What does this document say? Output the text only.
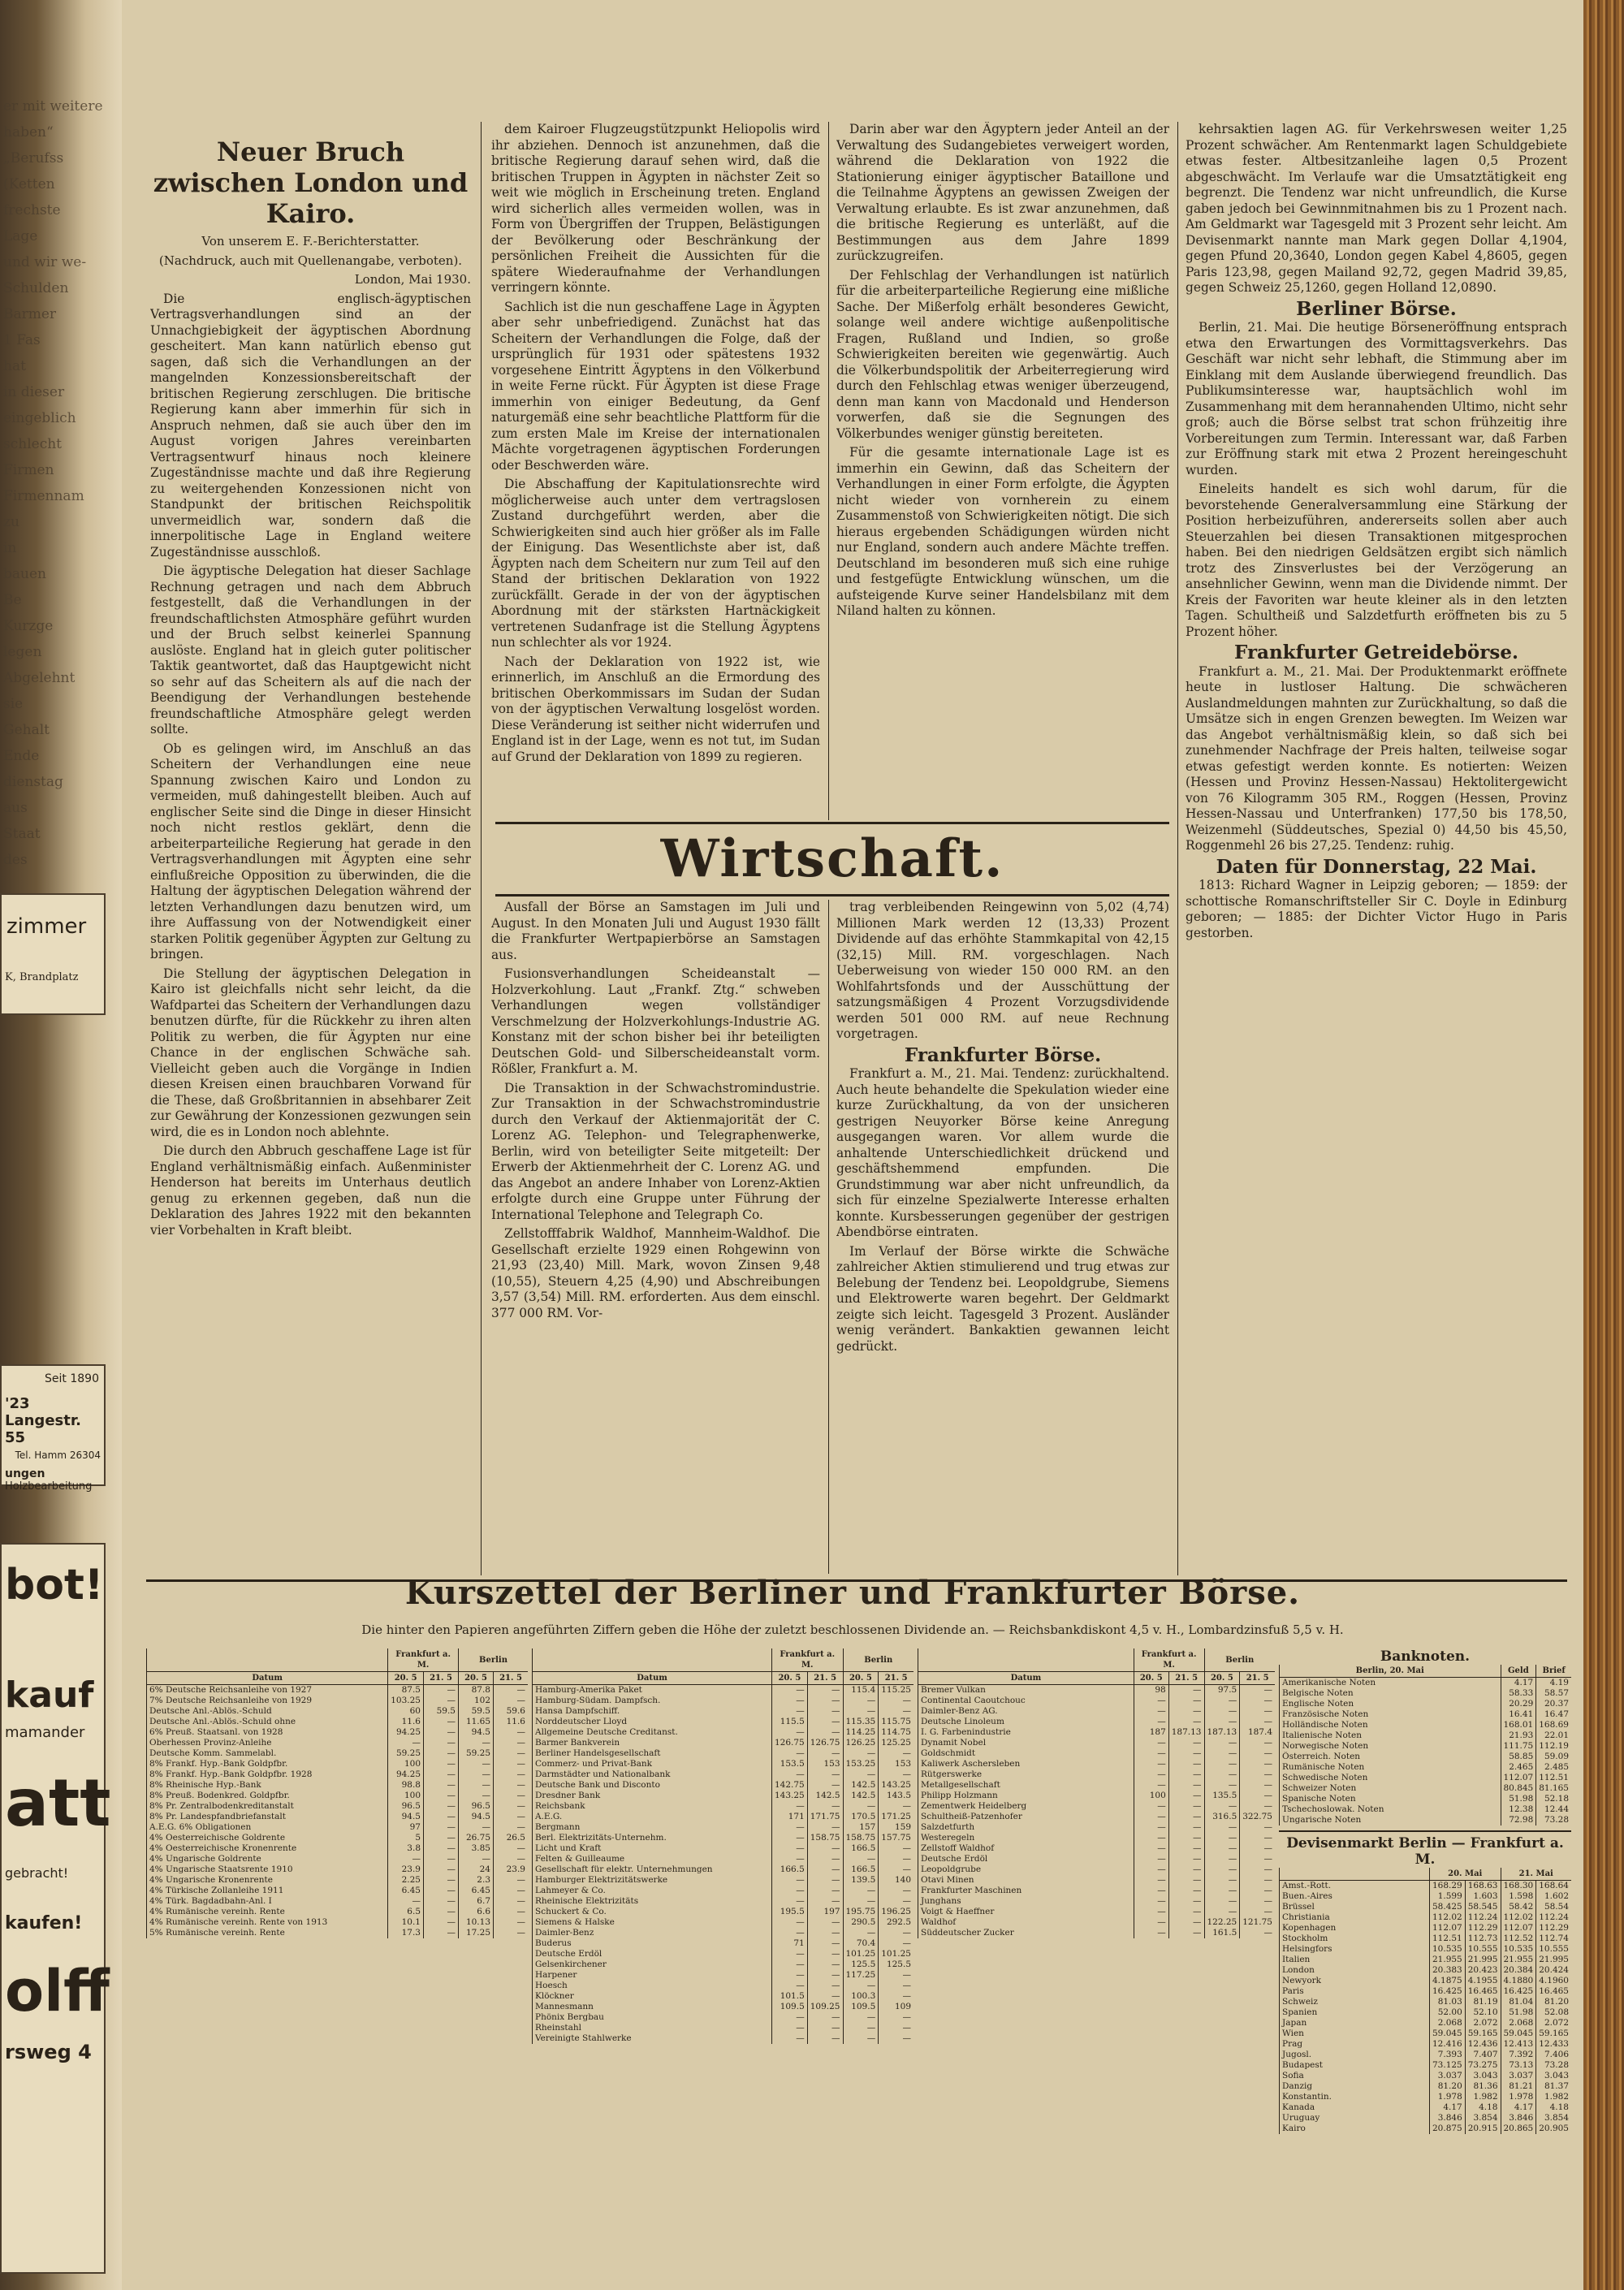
er mit weitere
haben“
„Berufss
(Ketten
frechste
Lage
und wir we-
Schulden
Barmer
1 Fas
hat
in dieser
eingeblich
schlecht
Firmen
Firmennam
zu
in
bauen
Be
Kurzge
legen
Abgelehnt
sie
Gehalt
Ende
dienstag
aus
Staat
des
zimmer
K, Brandplatz
Seit 1890
'23 Langestr. 55
Tel. Hamm 26304
ungen
Holzbearbeitung
bot!
kauf
mamander
att
gebracht!
kaufen!
olff
rsweg 4
Neuer Bruch zwischen London und Kairo.
Von unserem E. F.-Berichterstatter.
(Nachdruck, auch mit Quellenangabe, verboten).
London, Mai 1930.

Die englisch-ägyptischen Vertragsverhandlungen sind an der Unnachgiebigkeit der ägyptischen Abordnung gescheitert. Man kann natürlich ebenso gut sagen, daß sich die Verhandlungen an der mangelnden Konzessionsbereitschaft der britischen Regierung zerschlugen. Die britische Regierung kann aber immerhin für sich in Anspruch nehmen, daß sie auch über den im August vorigen Jahres vereinbarten Vertragsentwurf hinaus noch kleinere Zugeständnisse machte und daß ihre Regierung zu weitergehenden Konzessionen nicht von Standpunkt der britischen Reichspolitik unvermeidlich war, sondern daß die innerpolitische Lage in England weitere Zugeständnisse ausschloß.

Die ägyptische Delegation hat dieser Sachlage Rechnung getragen und nach dem Abbruch festgestellt, daß die Verhandlungen in der freundschaftlichsten Atmosphäre geführt wurden und der Bruch selbst keinerlei Spannung auslöste. England hat in gleich guter politischer Taktik geantwortet, daß das Hauptgewicht nicht so sehr auf das Scheitern als auf die nach der Beendigung der Verhandlungen bestehende freundschaftliche Atmosphäre gelegt werden sollte.

Ob es gelingen wird, im Anschluß an das Scheitern der Verhandlungen eine neue Spannung zwischen Kairo und London zu vermeiden, muß dahingestellt bleiben. Auch auf englischer Seite sind die Dinge in dieser Hinsicht noch nicht restlos geklärt, denn die arbeiterparteiliche Regierung hat gerade in den Vertragsverhandlungen mit Ägypten eine sehr einflußreiche Opposition zu überwinden, die die Haltung der ägyptischen Delegation während der letzten Verhandlungen dazu benutzen wird, um ihre Auffassung von der Notwendigkeit einer starken Politik gegenüber Ägypten zur Geltung zu bringen.

Die Stellung der ägyptischen Delegation in Kairo ist gleichfalls nicht sehr leicht, da die Wafdpartei das Scheitern der Verhandlungen dazu benutzen dürfte, für die Rückkehr zu ihren alten Politik zu werben, die für Ägypten nur eine Chance in der englischen Schwäche sah. Vielleicht geben auch die Vorgänge in Indien diesen Kreisen einen brauchbaren Vorwand für die These, daß Großbritannien in absehbarer Zeit zur Gewährung der Konzessionen gezwungen sein wird, die es in London noch ablehnte.

Die durch den Abbruch geschaffene Lage ist für England verhältnismäßig einfach. Außenminister Henderson hat bereits im Unterhaus deutlich genug zu erkennen gegeben, daß nun die Deklaration des Jahres 1922 mit den bekannten vier Vorbehalten in Kraft bleibt.

dem Kairoer Flugzeugstützpunkt Heliopolis wird ihr abziehen. Dennoch ist anzunehmen, daß die britische Regierung darauf sehen wird, daß die britischen Truppen in Ägypten in nächster Zeit so weit wie möglich in Erscheinung treten. England wird sicherlich alles vermeiden wollen, was in Form von Übergriffen der Truppen, Belästigungen der Bevölkerung oder Beschränkung der persönlichen Freiheit die Aussichten für die spätere Wiederaufnahme der Verhandlungen verringern könnte.

Sachlich ist die nun geschaffene Lage in Ägypten aber sehr unbefriedigend. Zunächst hat das Scheitern der Verhandlungen die Folge, daß der ursprünglich für 1931 oder spätestens 1932 vorgesehene Eintritt Ägyptens in den Völkerbund in weite Ferne rückt. Für Ägypten ist diese Frage immerhin von einiger Bedeutung, da Genf naturgemäß eine sehr beachtliche Plattform für die zum ersten Male im Kreise der internationalen Mächte vorgetragenen ägyptischen Forderungen oder Beschwerden wäre.

Die Abschaffung der Kapitulationsrechte wird möglicherweise auch unter dem vertragslosen Zustand durchgeführt werden, aber die Schwierigkeiten sind auch hier größer als im Falle der Einigung. Das Wesentlichste aber ist, daß Ägypten nach dem Scheitern nur zum Teil auf den Stand der britischen Deklaration von 1922 zurückfällt. Gerade in der von der ägyptischen Abordnung mit der stärksten Hartnäckigkeit vertretenen Sudanfrage ist die Stellung Ägyptens nun schlechter als vor 1924.

Nach der Deklaration von 1922 ist, wie erinnerlich, im Anschluß an die Ermordung des britischen Oberkommissars im Sudan der Sudan von der ägyptischen Verwaltung losgelöst worden. Diese Veränderung ist seither nicht widerrufen und England ist in der Lage, wenn es not tut, im Sudan auf Grund der Deklaration von 1899 zu regieren.

Darin aber war den Ägyptern jeder Anteil an der Verwaltung des Sudangebietes verweigert worden, während die Deklaration von 1922 die Stationierung einiger ägyptischer Bataillone und die Teilnahme Ägyptens an gewissen Zweigen der Verwaltung erlaubte. Es ist zwar anzunehmen, daß die britische Regierung es unterläßt, auf die Bestimmungen aus dem Jahre 1899 zurückzugreifen.

Der Fehlschlag der Verhandlungen ist natürlich für die arbeiterparteiliche Regierung eine mißliche Sache. Der Mißerfolg erhält besonderes Gewicht, solange weil andere wichtige außenpolitische Fragen, Rußland und Indien, so große Schwierigkeiten bereiten wie gegenwärtig. Auch die Völkerbundspolitik der Arbeiterregierung wird durch den Fehlschlag etwas weniger überzeugend, denn man kann von Macdonald und Henderson vorwerfen, daß sie die Segnungen des Völkerbundes weniger günstig bereiteten.

Für die gesamte internationale Lage ist es immerhin ein Gewinn, daß das Scheitern der Verhandlungen in einer Form erfolgte, die Ägypten nicht wieder von vornherein zu einem Zusammenstoß von Schwierigkeiten nötigt. Die sich hieraus ergebenden Schädigungen würden nicht nur England, sondern auch andere Mächte treffen. Deutschland im besonderen muß sich eine ruhige und festgefügte Entwicklung wünschen, um die aufsteigende Kurve seiner Handelsbilanz mit dem Niland halten zu können.

Wirtschaft.

Ausfall der Börse an Samstagen im Juli und August. In den Monaten Juli und August 1930 fällt die Frankfurter Wertpapierbörse an Samstagen aus.

Fusionsverhandlungen Scheideanstalt — Holzverkohlung. Laut „Frankf. Ztg.“ schweben Verhandlungen wegen vollständiger Verschmelzung der Holzverkohlungs-Industrie AG. Konstanz mit der schon bisher bei ihr beteiligten Deutschen Gold- und Silberscheideanstalt vorm. Rößler, Frankfurt a. M.

Die Transaktion in der Schwachstromindustrie. Zur Transaktion in der Schwachstromindustrie durch den Verkauf der Aktienmajorität der C. Lorenz AG. Telephon- und Telegraphenwerke, Berlin, wird von beteiligter Seite mitgeteilt: Der Erwerb der Aktienmehrheit der C. Lorenz AG. und das Angebot an andere Inhaber von Lorenz-Aktien erfolgte durch eine Gruppe unter Führung der International Telephone and Telegraph Co.

Zellstofffabrik Waldhof, Mannheim-Waldhof. Die Gesellschaft erzielte 1929 einen Rohgewinn von 21,93 (23,40) Mill. Mark, wovon Zinsen 9,48 (10,55), Steuern 4,25 (4,90) und Abschreibungen 3,57 (3,54) Mill. RM. erforderten. Aus dem einschl. 377 000 RM. Vor-

trag verbleibenden Reingewinn von 5,02 (4,74) Millionen Mark werden 12 (13,33) Prozent Dividende auf das erhöhte Stammkapital von 42,15 (32,15) Mill. RM. vorgeschlagen. Nach Ueberweisung von wieder 150 000 RM. an den Wohlfahrtsfonds und der Ausschüttung der satzungsmäßigen 4 Prozent Vorzugsdividende werden 501 000 RM. auf neue Rechnung vorgetragen.

Frankfurter Börse.

Frankfurt a. M., 21. Mai. Tendenz: zurückhaltend. Auch heute behandelte die Spekulation wieder eine kurze Zurückhaltung, da von der unsicheren gestrigen Neuyorker Börse keine Anregung ausgegangen waren. Vor allem wurde die anhaltende Unterschiedlichkeit drückend und geschäftshemmend empfunden. Die Grundstimmung war aber nicht unfreundlich, da sich für einzelne Spezialwerte Interesse erhalten konnte. Kursbesserungen gegenüber der gestrigen Abendbörse eintraten.

Im Verlauf der Börse wirkte die Schwäche zahlreicher Aktien stimulierend und trug etwas zur Belebung der Tendenz bei. Leopoldgrube, Siemens und Elektrowerte waren begehrt. Der Geldmarkt zeigte sich leicht. Tagesgeld 3 Prozent. Ausländer wenig verändert. Bankaktien gewannen leicht gedrückt.

kehrsaktien lagen AG. für Verkehrswesen weiter 1,25 Prozent schwächer. Am Rentenmarkt lagen Schuldgebiete etwas fester. Altbesitzanleihe lagen 0,5 Prozent abgeschwächt. Im Verlaufe war die Umsatztätigkeit eng begrenzt. Die Tendenz war nicht unfreundlich, die Kurse gaben jedoch bei Gewinnmitnahmen bis zu 1 Prozent nach. Am Geldmarkt war Tagesgeld mit 3 Prozent sehr leicht. Am Devisenmarkt nannte man Mark gegen Dollar 4,1904, gegen Pfund 20,3640, London gegen Kabel 4,8605, gegen Paris 123,98, gegen Mailand 92,72, gegen Madrid 39,85, gegen Schweiz 25,1260, gegen Holland 12,0890.

Berliner Börse.

Berlin, 21. Mai. Die heutige Börseneröffnung entsprach etwa den Erwartungen des Vormittagsverkehrs. Das Geschäft war nicht sehr lebhaft, die Stimmung aber im Einklang mit dem Auslande überwiegend freundlich. Das Publikumsinteresse war, hauptsächlich wohl im Zusammenhang mit dem herannahenden Ultimo, nicht sehr groß; auch die Börse selbst trat schon frühzeitig ihre Vorbereitungen zum Termin. Interessant war, daß Farben zur Eröffnung stark mit etwa 2 Prozent hereingeschuht wurden.

Eineleits handelt es sich wohl darum, für die bevorstehende Generalversammlung eine Stärkung der Position herbeizuführen, andererseits sollen aber auch Steuerzahlen bei diesen Transaktionen mitgesprochen haben. Bei den niedrigen Geldsätzen ergibt sich nämlich trotz des Zinsverlustes bei der Verzögerung an ansehnlicher Gewinn, wenn man die Dividende nimmt. Der Kreis der Favoriten war heute kleiner als in den letzten Tagen. Schultheiß und Salzdetfurth eröffneten bis zu 5 Prozent höher.

Frankfurter Getreidebörse.

Frankfurt a. M., 21. Mai. Der Produktenmarkt eröffnete heute in lustloser Haltung. Die schwächeren Auslandmeldungen mahnten zur Zurückhaltung, so daß die Umsätze sich in engen Grenzen bewegten. Im Weizen war das Angebot verhältnismäßig klein, so daß sich bei zunehmender Nachfrage der Preis halten, teilweise sogar etwas gefestigt werden konnte. Es notierten: Weizen (Hessen und Provinz Hessen-Nassau) Hektolitergewicht von 76 Kilogramm 305 RM., Roggen (Hessen, Provinz Hessen-Nassau und Unterfranken) 177,50 bis 178,50, Weizenmehl (Süddeutsches, Spezial 0) 44,50 bis 45,50, Roggenmehl 26 bis 27,25. Tendenz: ruhig.

Daten für Donnerstag, 22 Mai.

1813: Richard Wagner in Leipzig geboren; — 1859: der schottische Romanschriftsteller Sir C. Doyle in Edinburg geboren; — 1885: der Dichter Victor Hugo in Paris gestorben.

Kurszettel der Berliner und Frankfurter Börse.
Die hinter den Papieren angeführten Ziffern geben die Höhe der zuletzt beschlossenen Dividende an. — Reichsbankdiskont 4,5 v. H., Lombardzinsfuß 5,5 v. H.
	Frankfurt a. M.		Berlin	
Datum	20. 5	21. 5	20. 5	21. 5
6% Deutsche Reichsanleihe von 1927	87.5	—	87.8	—
7% Deutsche Reichsanleihe von 1929	103.25	—	102	—
Deutsche Anl.-Ablös.-Schuld	60	59.5	59.5	59.6
Deutsche Anl.-Ablös.-Schuld ohne	11.6	—	11.65	11.6
6% Preuß. Staatsanl. von 1928	94.25	—	94.5	—
Oberhessen Provinz-Anleihe	—	—	—	—
Deutsche Komm. Sammelabl.	59.25	—	59.25	—
8% Frankf. Hyp.-Bank Goldpfbr.	100	—	—	—
8% Frankf. Hyp.-Bank Goldpfbr. 1928	94.25	—	—	—
8% Rheinische Hyp.-Bank	98.8	—	—	—
8% Preuß. Bodenkred. Goldpfbr.	100	—	—	—
8% Pr. Zentralbodenkreditanstalt	96.5	—	96.5	—
8% Pr. Landespfandbriefanstalt	94.5	—	94.5	—
A.E.G. 6% Obligationen	97	—	—	—
4% Oesterreichische Goldrente	5	—	26.75	26.5
4% Oesterreichische Kronenrente	3.8	—	3.85	—
4% Ungarische Goldrente	—	—	—	—
4% Ungarische Staatsrente 1910	23.9	—	24	23.9
4% Ungarische Kronenrente	2.25	—	2.3	—
4% Türkische Zollanleihe 1911	6.45	—	6.45	—
4% Türk. Bagdadbahn-Anl. I	—	—	6.7	—
4% Rumänische vereinh. Rente	6.5	—	6.6	—
4% Rumänische vereinh. Rente von 1913	10.1	—	10.13	—
5% Rumänische vereinh. Rente	17.3	—	17.25	—
	Frankfurt a. M.		Berlin	
Datum	20. 5	21. 5	20. 5	21. 5
Hamburg-Amerika Paket	—	—	115.4	115.25
Hamburg-Südam. Dampfsch.	—	—	—	—
Hansa Dampfschiff.	—	—	—	—
Norddeutscher Lloyd	115.5	—	115.35	115.75
Allgemeine Deutsche Creditanst.	—	—	114.25	114.75
Barmer Bankverein	126.75	126.75	126.25	125.25
Berliner Handelsgesellschaft	—	—	—	—
Commerz- und Privat-Bank	153.5	153	153.25	153
Darmstädter und Nationalbank	—	—	—	—
Deutsche Bank und Disconto	142.75	—	142.5	143.25
Dresdner Bank	143.25	142.5	142.5	143.5
Reichsbank	—	—	—	—
A.E.G.	171	171.75	170.5	171.25
Bergmann	—	—	157	159
Berl. Elektrizitäts-Unternehm.	—	158.75	158.75	157.75
Licht und Kraft	—	—	166.5	—
Felten & Guilleaume	—	—	—	—
Gesellschaft für elektr. Unternehmungen	166.5	—	166.5	—
Hamburger Elektrizitätswerke	—	—	139.5	140
Lahmeyer & Co.	—	—	—	—
Rheinische Elektrizitäts	—	—	—	—
Schuckert & Co.	195.5	197	195.75	196.25
Siemens & Halske	—	—	290.5	292.5
Daimler-Benz	—	—	—	—
Buderus	71	—	70.4	—
Deutsche Erdöl	—	—	101.25	101.25
Gelsenkirchener	—	—	125.5	125.5
Harpener	—	—	117.25	—
Hoesch	—	—	—	—
Klöckner	101.5	—	100.3	—
Mannesmann	109.5	109.25	109.5	109
Phönix Bergbau	—	—	—	—
Rheinstahl	—	—	—	—
Vereinigte Stahlwerke	—	—	—	—
	Frankfurt a. M.		Berlin	
Datum	20. 5	21. 5	20. 5	21. 5
Bremer Vulkan	98	—	97.5	—
Continental Caoutchouc	—	—	—	—
Daimler-Benz AG.	—	—	—	—
Deutsche Linoleum	—	—	—	—
I. G. Farbenindustrie	187	187.13	187.13	187.4
Dynamit Nobel	—	—	—	—
Goldschmidt	—	—	—	—
Kaliwerk Aschersleben	—	—	—	—
Rütgerswerke	—	—	—	—
Metallgesellschaft	—	—	—	—
Philipp Holzmann	100	—	135.5	—
Zementwerk Heidelberg	—	—	—	—
Schultheiß-Patzenhofer	—	—	316.5	322.75
Salzdetfurth	—	—	—	—
Westeregeln	—	—	—	—
Zellstoff Waldhof	—	—	—	—
Deutsche Erdöl	—	—	—	—
Leopoldgrube	—	—	—	—
Otavi Minen	—	—	—	—
Frankfurter Maschinen	—	—	—	—
Junghans	—	—	—	—
Voigt & Haeffner	—	—	—	—
Waldhof	—	—	122.25	121.75
Süddeutscher Zucker	—	—	161.5	—
Banknoten.
Berlin, 20. Mai	Geld	Brief
Amerikanische Noten	4.17	4.19
Belgische Noten	58.33	58.57
Englische Noten	20.29	20.37
Französische Noten	16.41	16.47
Holländische Noten	168.01	168.69
Italienische Noten	21.93	22.01
Norwegische Noten	111.75	112.19
Österreich. Noten	58.85	59.09
Rumänische Noten	2.465	2.485
Schwedische Noten	112.07	112.51
Schweizer Noten	80.845	81.165
Spanische Noten	51.98	52.18
Tschechoslowak. Noten	12.38	12.44
Ungarische Noten	72.98	73.28
Devisenmarkt Berlin — Frankfurt a. M.
	20. Mai		21. Mai	
Amst.-Rott.	168.29	168.63	168.30	168.64
Buen.-Aires	1.599	1.603	1.598	1.602
Brüssel	58.425	58.545	58.42	58.54
Christiania	112.02	112.24	112.02	112.24
Kopenhagen	112.07	112.29	112.07	112.29
Stockholm	112.51	112.73	112.52	112.74
Helsingfors	10.535	10.555	10.535	10.555
Italien	21.955	21.995	21.955	21.995
London	20.383	20.423	20.384	20.424
Newyork	4.1875	4.1955	4.1880	4.1960
Paris	16.425	16.465	16.425	16.465
Schweiz	81.03	81.19	81.04	81.20
Spanien	52.00	52.10	51.98	52.08
Japan	2.068	2.072	2.068	2.072
Wien	59.045	59.165	59.045	59.165
Prag	12.416	12.436	12.413	12.433
Jugosl.	7.393	7.407	7.392	7.406
Budapest	73.125	73.275	73.13	73.28
Sofia	3.037	3.043	3.037	3.043
Danzig	81.20	81.36	81.21	81.37
Konstantin.	1.978	1.982	1.978	1.982
Kanada	4.17	4.18	4.17	4.18
Uruguay	3.846	3.854	3.846	3.854
Kairo	20.875	20.915	20.865	20.905
